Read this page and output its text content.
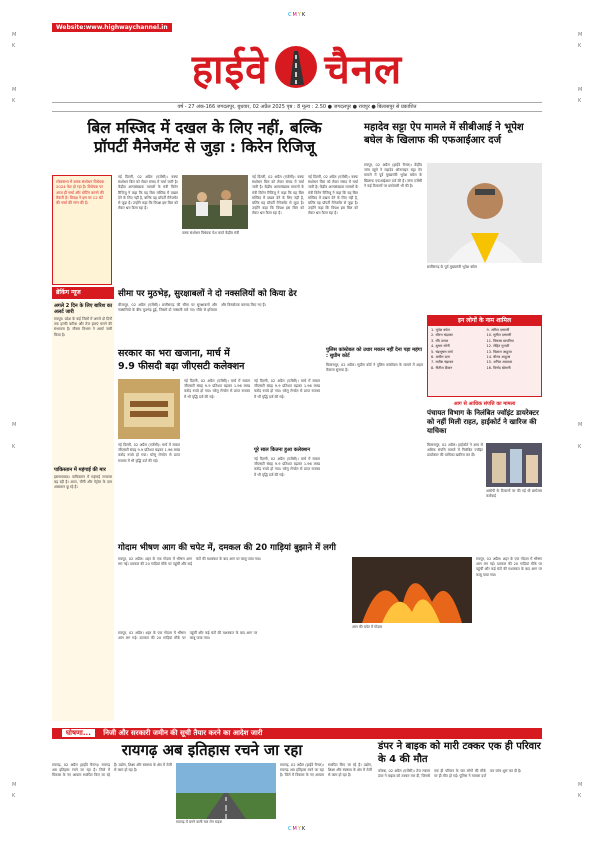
CMYK
CMYK
M
K

M
K
M
K

M
K
M

K
M

K
M
K
M
K
Website:www.highwaychannel.in
हाईवे चैनल
वर्ष - 27 अंक-166 जगदलपुर, बुधवार, 02 अप्रैल 2025 पृष्ठ : 8 मूल्य : 2.50 ● जगदलपुर ● रायपुर ● बिलासपुर से प्रकाशित
बिल मस्जिद में दखल के लिए नहीं, बल्कि
प्रॉपर्टी मैनेजमेंट से जुड़ा : किरेन रिजिजू
लोकसभा में वक्फ संशोधन विधेयक 2024 पेश हो रहा है। विधेयक पर आज ही चर्चा और वोटिंग कराने की तैयारी है। विपक्ष ने इस पर 12 घंटे की चर्चा की मांग की है।
नई दिल्ली, 02 अप्रैल (एजेंसी)। वक्फ संशोधन बिल को लेकर संसद में चर्चा जारी है। केंद्रीय अल्पसंख्यक मामलों के मंत्री किरेन रिजिजू ने कहा कि यह बिल मस्जिद में दखल देने के लिए नहीं है, बल्कि यह प्रॉपर्टी मैनेजमेंट से जुड़ा है। उन्होंने कहा कि विपक्ष इस बिल को लेकर भ्रम फैला रहा है।
वक्फ संशोधन विधेयक पेश करते केंद्रीय मंत्री
नई दिल्ली, 02 अप्रैल (एजेंसी)। वक्फ संशोधन बिल को लेकर संसद में चर्चा जारी है। केंद्रीय अल्पसंख्यक मामलों के मंत्री किरेन रिजिजू ने कहा कि यह बिल मस्जिद में दखल देने के लिए नहीं है, बल्कि यह प्रॉपर्टी मैनेजमेंट से जुड़ा है। उन्होंने कहा कि विपक्ष इस बिल को लेकर भ्रम फैला रहा है।
नई दिल्ली, 02 अप्रैल (एजेंसी)। वक्फ संशोधन बिल को लेकर संसद में चर्चा जारी है। केंद्रीय अल्पसंख्यक मामलों के मंत्री किरेन रिजिजू ने कहा कि यह बिल मस्जिद में दखल देने के लिए नहीं है, बल्कि यह प्रॉपर्टी मैनेजमेंट से जुड़ा है। उन्होंने कहा कि विपक्ष इस बिल को लेकर भ्रम फैला रहा है।
महादेव सट्टा ऐप मामले में सीबीआई ने भूपेश बघेल के खिलाफ की एफआईआर दर्ज
रायपुर, 02 अप्रैल (हाईवे चैनल)। केंद्रीय जांच ब्यूरो ने महादेव ऑनलाइन सट्टा ऐप मामले में पूर्व मुख्यमंत्री भूपेश बघेल के खिलाफ एफआईआर दर्ज की है। जांच एजेंसी ने कई ठिकानों पर छापेमारी भी की है।
छत्तीसगढ़ के पूर्व मुख्यमंत्री भूपेश बघेल
इन लोगों के नाम शामिल
1. भूपेश बघेल
2. सौरभ चंद्राकर
3. रवि उप्पल
4. शुभम सोनी
5. चंद्रभूषण वर्मा
6. असीम दास
7. सतीश चंद्राकर
8. नीतीश दीवान
9. अनिल दम्माणी
10. सुनील दम्माणी
11. विकास छापरिया
12. रोहित गुलाटी
13. विशाल आहूजा
14. धीरज आहूजा
15. अनिल अग्रवाल
16. विनोद खेमानी
ब्रेकिंग न्यूज
अगले 2 दिन के लिए बारिश का अलर्ट जारी
रायपुर। प्रदेश के कई जिलों में अगले दो दिनों तक हल्की बारिश और तेज हवाएं चलने की संभावना है। मौसम विभाग ने अलर्ट जारी किया है।
पाकिस्तान में महंगाई की मार
इस्लामाबाद। पाकिस्तान में महंगाई लगातार बढ़ रही है। आटा, चीनी और पेट्रोल के दाम आसमान छू रहे हैं।
सीमा पर मुठभेड़, सुरक्षाबलों ने दो नक्सलियों को किया ढेर
बीजापुर, 02 अप्रैल (एजेंसी)। छत्तीसगढ़ की सीमा पर सुरक्षाबलों और नक्सलियों के बीच मुठभेड़ हुई, जिसमें दो नक्सली मारे गए। मौके से हथियार और विस्फोटक बरामद किए गए हैं।
सरकार का भरा खजाना, मार्च में
9.9 फीसदी बढ़ा जीएसटी कलेक्शन
नई दिल्ली, 02 अप्रैल (एजेंसी)। मार्च में सकल जीएसटी संग्रह 9.9 प्रतिशत बढ़कर 1.96 लाख करोड़ रुपये हो गया। घरेलू लेनदेन से प्राप्त राजस्व में भी वृद्धि दर्ज की गई।
नई दिल्ली, 02 अप्रैल (एजेंसी)। मार्च में सकल जीएसटी संग्रह 9.9 प्रतिशत बढ़कर 1.96 लाख करोड़ रुपये हो गया। घरेलू लेनदेन से प्राप्त राजस्व में भी वृद्धि दर्ज की गई।
नई दिल्ली, 02 अप्रैल (एजेंसी)। मार्च में सकल जीएसटी संग्रह 9.9 प्रतिशत बढ़कर 1.96 लाख करोड़ रुपये हो गया। घरेलू लेनदेन से प्राप्त राजस्व में भी वृद्धि दर्ज की गई।
पूरे साल कितना हुआ कलेक्शन
नई दिल्ली, 02 अप्रैल (एजेंसी)। मार्च में सकल जीएसटी संग्रह 9.9 प्रतिशत बढ़कर 1.96 लाख करोड़ रुपये हो गया। घरेलू लेनदेन से प्राप्त राजस्व में भी वृद्धि दर्ज की गई।
पुलिस कांस्टेबल को उधार मकान नहीं देना पड़ा महंगा : सुप्रीम कोर्ट
बिलासपुर, 02 अप्रैल। सुप्रीम कोर्ट ने पुलिस कांस्टेबल के मामले में अहम फैसला सुनाया है।
आग से आधिक संपत्ति का मामला
पंचायत विभाग के निलंबित ज्वॉइंट डायरेक्टर को नहीं मिली राहत, हाईकोर्ट ने खारिज की याचिका
बिलासपुर, 02 अप्रैल। हाईकोर्ट ने आय से अधिक संपत्ति मामले में निलंबित ज्वॉइंट डायरेक्टर की याचिका खारिज कर दी।
आरोपी के ठिकानों पर की गई थी छापेमार कार्रवाई
गोदाम भीषण आग की चपेट में, दमकल की 20 गाड़ियां बुझाने में लगी
रायपुर, 02 अप्रैल। शहर के एक गोदाम में भीषण आग लग गई। दमकल की 20 गाड़ियां मौके पर पहुंचीं और कई घंटों की मशक्कत के बाद आग पर काबू पाया गया।
आग की चपेट में गोदाम
रायपुर, 02 अप्रैल। शहर के एक गोदाम में भीषण आग लग गई। दमकल की 20 गाड़ियां मौके पर पहुंचीं और कई घंटों की मशक्कत के बाद आग पर काबू पाया गया।
रायपुर, 02 अप्रैल। शहर के एक गोदाम में भीषण आग लग गई। दमकल की 20 गाड़ियां मौके पर पहुंचीं और कई घंटों की मशक्कत के बाद आग पर काबू पाया गया।
घोषणा... निजी और सरकारी जमीन की सूची तैयार करने का आदेश जारी
रायगढ़ अब इतिहास रचने जा रहा
रायगढ़, 02 अप्रैल (हाईवे चैनल)। रायगढ़ अब इतिहास रचने जा रहा है। जिले में विकास के नए आयाम स्थापित किए जा रहे हैं। उद्योग, शिक्षा और स्वास्थ्य के क्षेत्र में तेजी से काम हो रहा है।
रायगढ़ में बनने वाली चार लेन सड़क
रायगढ़, 02 अप्रैल (हाईवे चैनल)। रायगढ़ अब इतिहास रचने जा रहा है। जिले में विकास के नए आयाम स्थापित किए जा रहे हैं। उद्योग, शिक्षा और स्वास्थ्य के क्षेत्र में तेजी से काम हो रहा है।
डंपर ने बाइक को मारी टक्कर एक ही परिवार के 4 की मौत
कोरबा, 02 अप्रैल (एजेंसी)। तेज रफ्तार डंपर ने बाइक को टक्कर मार दी, जिससे एक ही परिवार के चार लोगों की मौके पर ही मौत हो गई। पुलिस ने मामला दर्ज कर जांच शुरू कर दी है।
